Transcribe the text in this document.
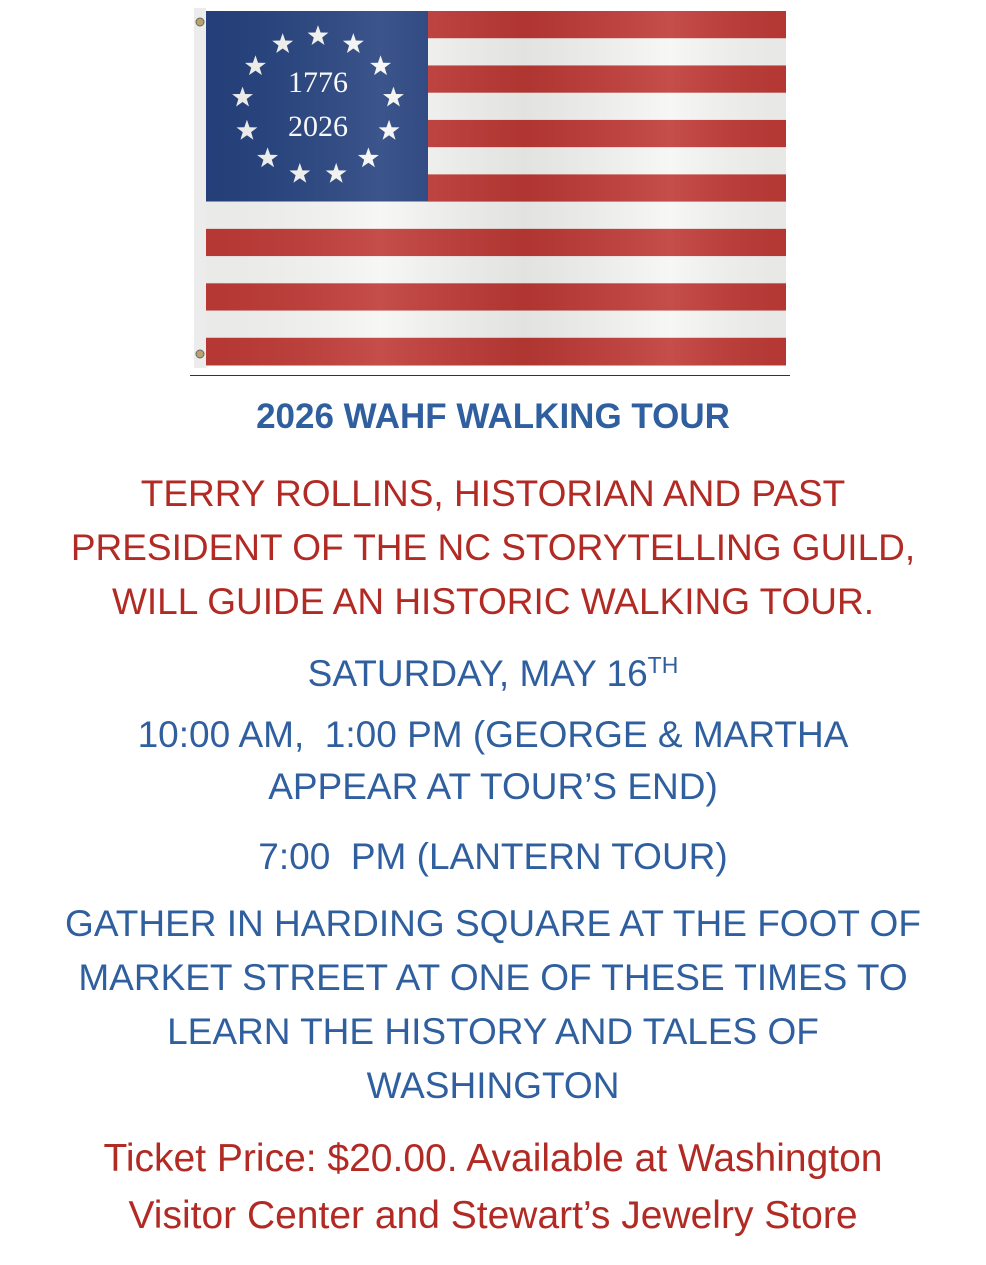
2026 WAHF WALKING TOUR
TERRY ROLLINS, HISTORIAN AND PAST
PRESIDENT OF THE NC STORYTELLING GUILD,
WILL GUIDE AN HISTORIC WALKING TOUR.
SATURDAY, MAY 16TH
10:00 AM,  1:00 PM (GEORGE & MARTHA
APPEAR AT TOUR’S END)
7:00  PM (LANTERN TOUR)
GATHER IN HARDING SQUARE AT THE FOOT OF
MARKET STREET AT ONE OF THESE TIMES TO
LEARN THE HISTORY AND TALES OF
WASHINGTON
Ticket Price: $20.00. Available at Washington
Visitor Center and Stewart’s Jewelry Store
